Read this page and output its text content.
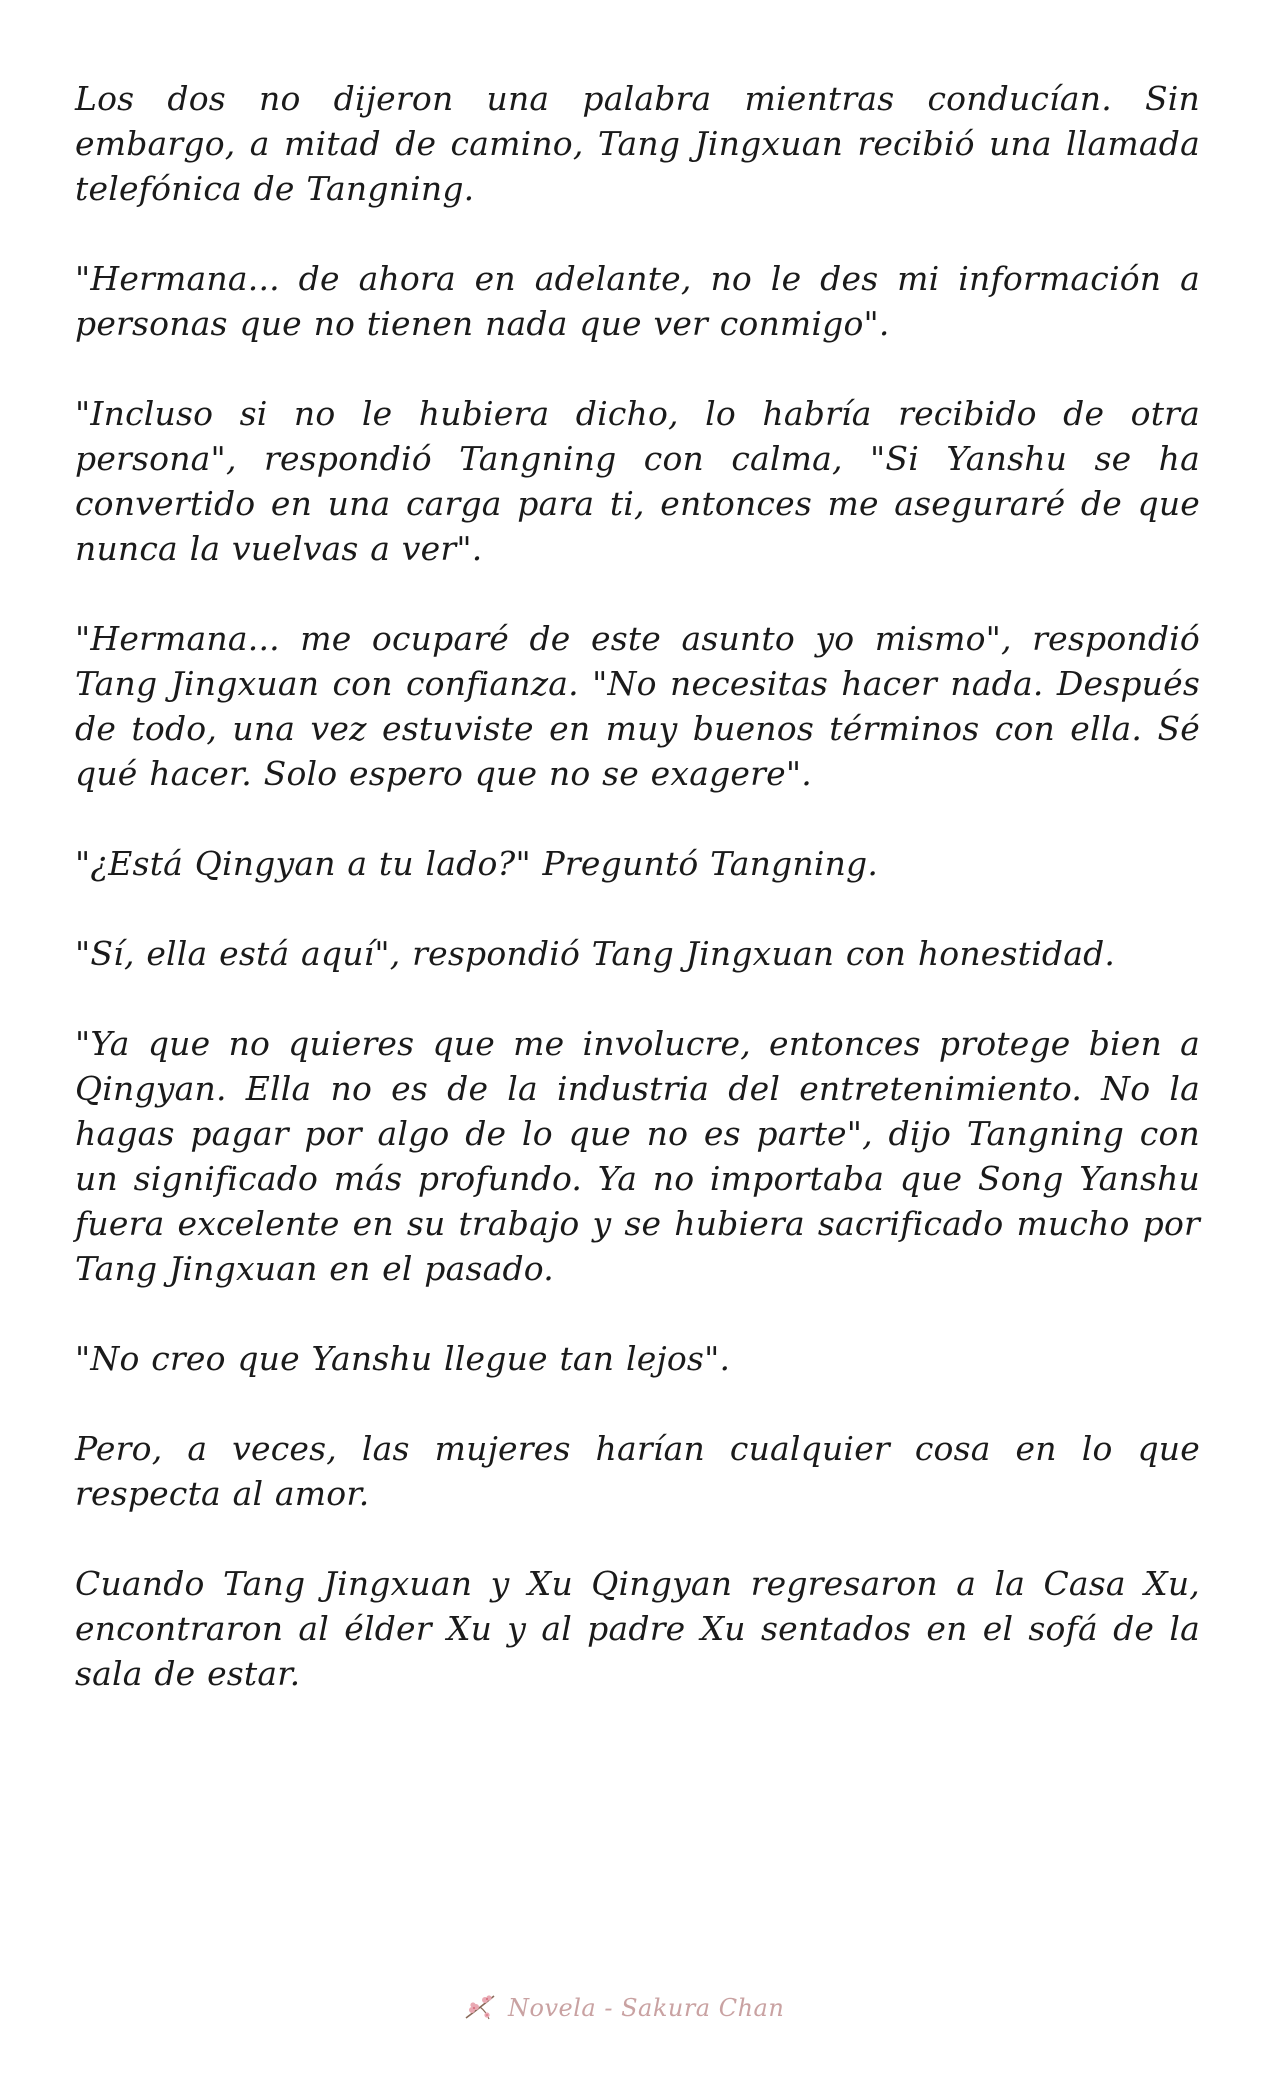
Los dos no dijeron una palabra mientras conducían. Sin embargo, a mitad de camino, Tang Jingxuan recibió una llamada telefónica de Tangning.

"Hermana... de ahora en adelante, no le des mi información a personas que no tienen nada que ver conmigo".

"Incluso si no le hubiera dicho, lo habría recibido de otra persona", respondió Tangning con calma, "Si Yanshu se ha convertido en una carga para ti, entonces me aseguraré de que nunca la vuelvas a ver".

"Hermana... me ocuparé de este asunto yo mismo", respondió Tang Jingxuan con confianza. "No necesitas hacer nada. Después de todo, una vez estuviste en muy buenos términos con ella. Sé qué hacer. Solo espero que no se exagere".

"¿Está Qingyan a tu lado?" Preguntó Tangning.

"Sí, ella está aquí", respondió Tang Jingxuan con honestidad.

"Ya que no quieres que me involucre, entonces protege bien a Qingyan. Ella no es de la industria del entretenimiento. No la hagas pagar por algo de lo que no es parte", dijo Tangning con un significado más profundo. Ya no importaba que Song Yanshu fuera excelente en su trabajo y se hubiera sacrificado mucho por Tang Jingxuan en el pasado.

"No creo que Yanshu llegue tan lejos".

Pero, a veces, las mujeres harían cualquier cosa en lo que respecta al amor.

Cuando Tang Jingxuan y Xu Qingyan regresaron a la Casa Xu, encontraron al élder Xu y al padre Xu sentados en el sofá de la sala de estar.

Novela - Sakura Chan
